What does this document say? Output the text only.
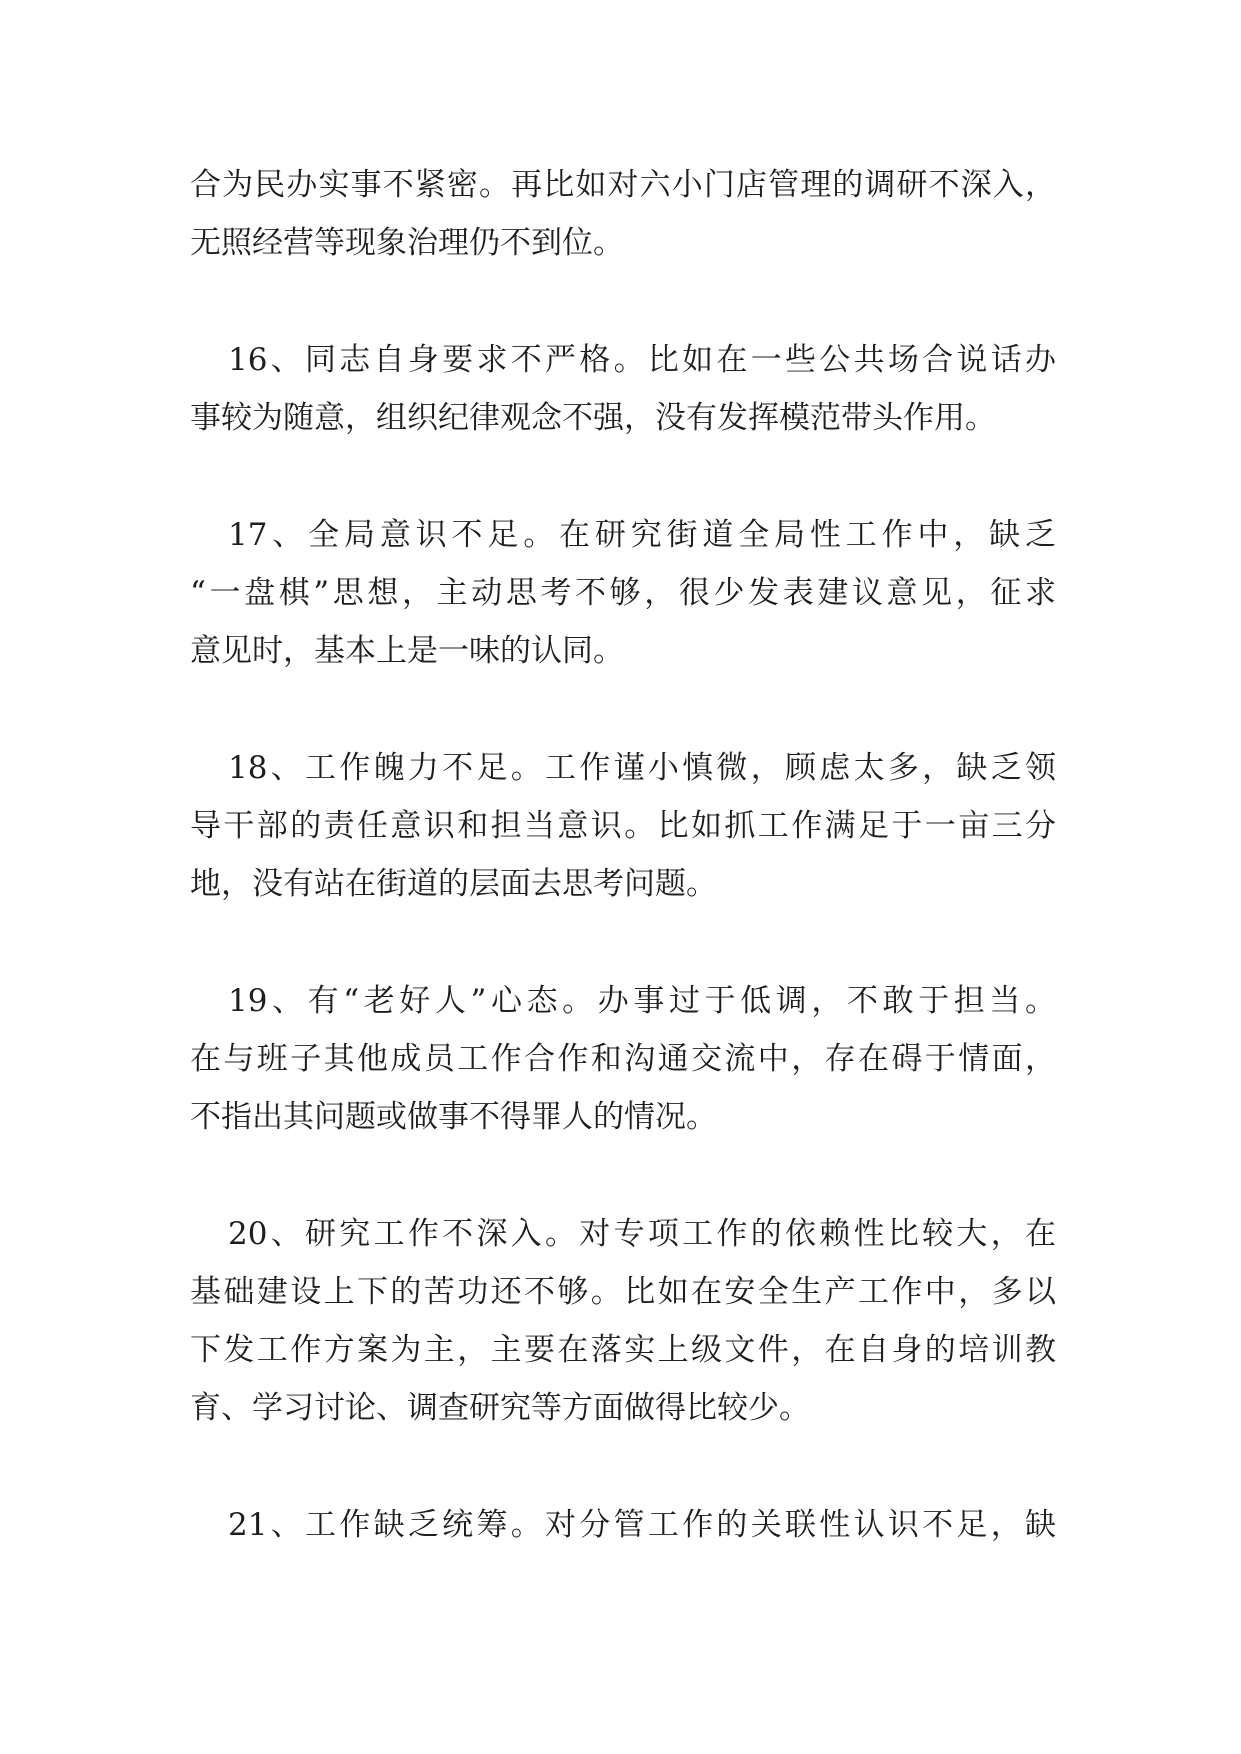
合为民办实事不紧密。再比如对六小门店管理的调研不深入，
无照经营等现象治理仍不到位。
16、同志自身要求不严格。比如在一些公共场合说话办
事较为随意，组织纪律观念不强，没有发挥模范带头作用。
17、全局意识不足。在研究街道全局性工作中，缺乏
“一盘棋”思想，主动思考不够，很少发表建议意见，征求
意见时，基本上是一味的认同。
18、工作魄力不足。工作谨小慎微，顾虑太多，缺乏领
导干部的责任意识和担当意识。比如抓工作满足于一亩三分
地，没有站在街道的层面去思考问题。
19、有“老好人”心态。办事过于低调，不敢于担当。
在与班子其他成员工作合作和沟通交流中，存在碍于情面，
不指出其问题或做事不得罪人的情况。
20、研究工作不深入。对专项工作的依赖性比较大，在
基础建设上下的苦功还不够。比如在安全生产工作中，多以
下发工作方案为主，主要在落实上级文件，在自身的培训教
育、学习讨论、调查研究等方面做得比较少。
21、工作缺乏统筹。对分管工作的关联性认识不足，缺
